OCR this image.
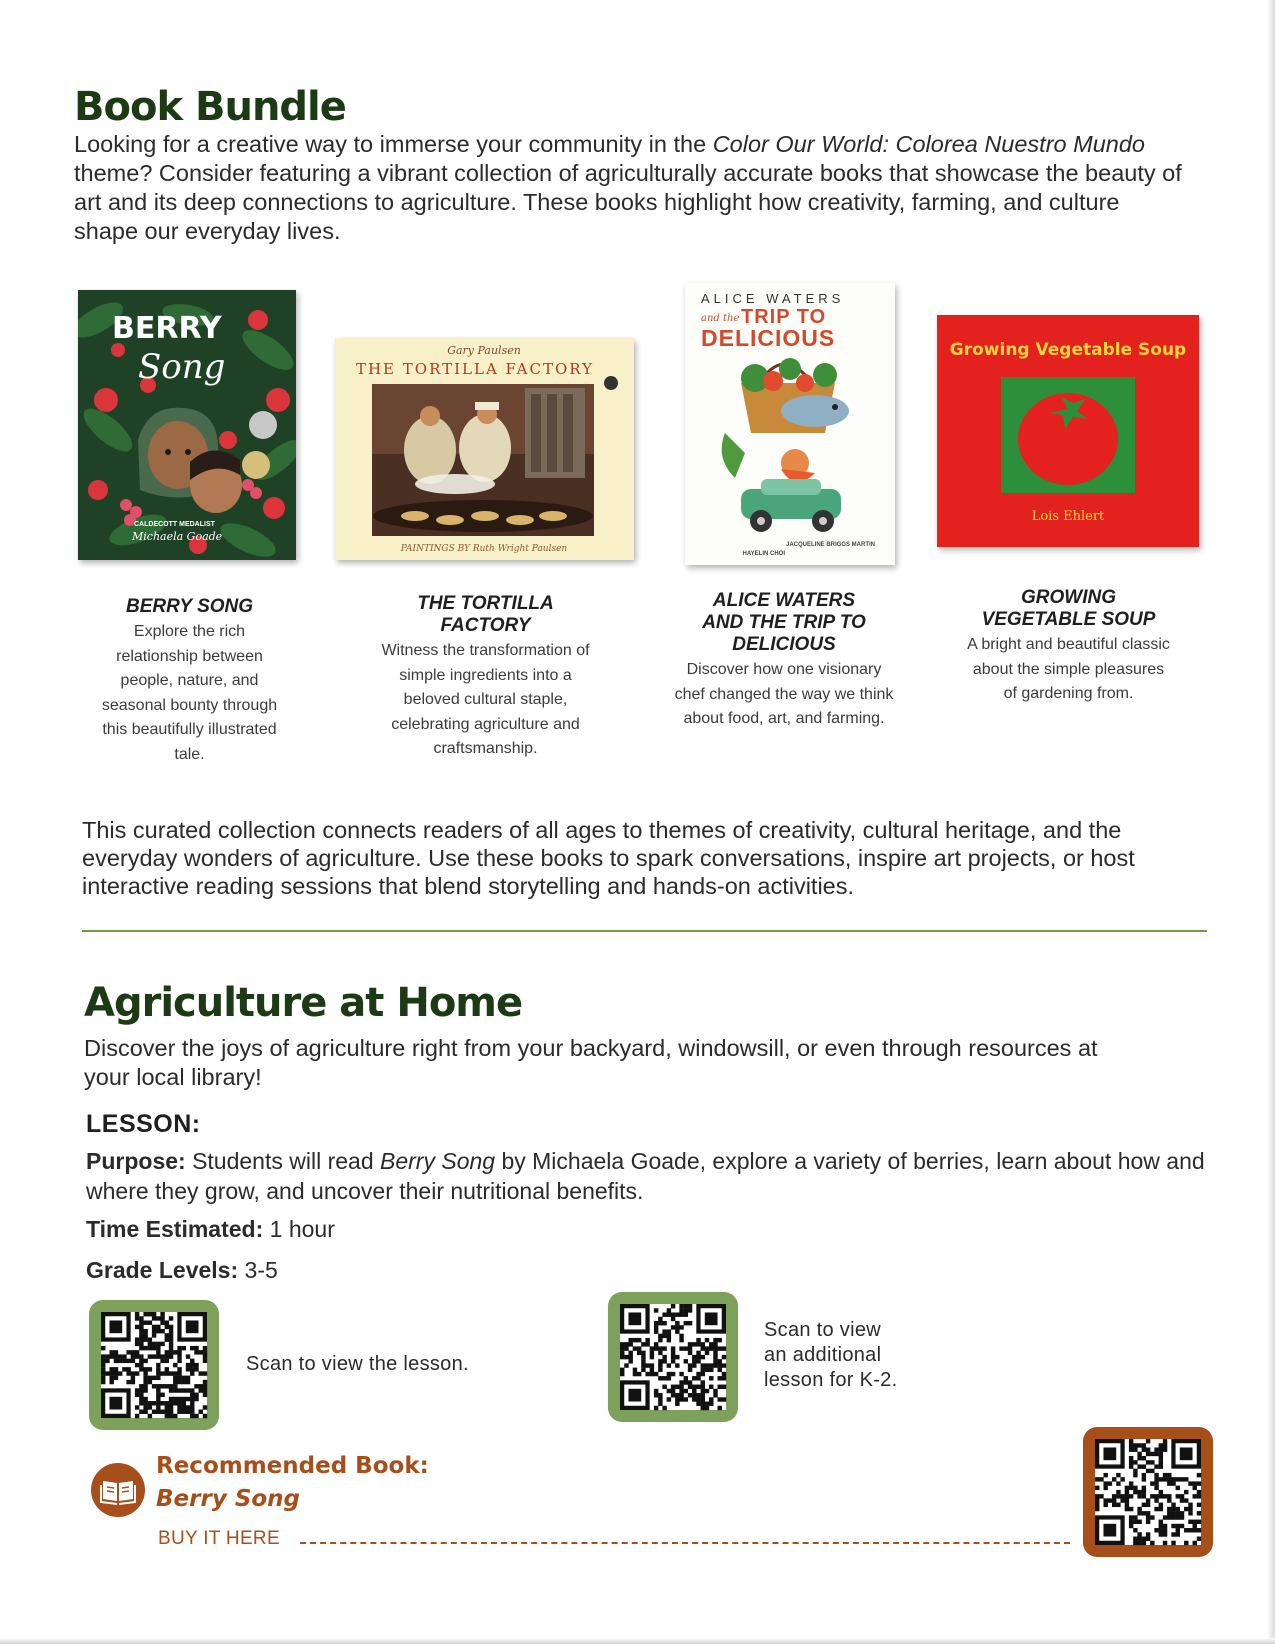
Book Bundle

Looking for a creative way to immerse your community in the Color Our World: Colorea Nuestro Mundo theme? Consider featuring a vibrant collection of agriculturally accurate books that showcase the beauty of art and its deep connections to agriculture. These books highlight how creativity, farming, and culture shape our everyday lives.

BERRY
Song
CALDECOTT MEDALIST
Michaela Goade
Gary Paulsen
THE TORTILLA FACTORY
PAINTINGS BY Ruth Wright Paulsen
ALICE WATERS
and the TRIP TO
DELICIOUS
JACQUELINE BRIGGS MARTIN
HAYELIN CHOI
Growing Vegetable Soup
Lois Ehlert
BERRY SONG
Explore the rich relationship between people, nature, and seasonal bounty through this beautifully illustrated tale.
THE TORTILLA FACTORY
Witness the transformation of simple ingredients into a beloved cultural staple, celebrating agriculture and craftsmanship.
ALICE WATERS AND THE TRIP TO DELICIOUS
Discover how one visionary chef changed the way we think about food, art, and farming.
GROWING VEGETABLE SOUP
A bright and beautiful classic about the simple pleasures of gardening from.

This curated collection connects readers of all ages to themes of creativity, cultural heritage, and the everyday wonders of agriculture. Use these books to spark conversations, inspire art projects, or host interactive reading sessions that blend storytelling and hands-on activities.

Agriculture at Home

Discover the joys of agriculture right from your backyard, windowsill, or even through resources at your local library!

LESSON:

Purpose: Students will read Berry Song by Michaela Goade, explore a variety of berries, learn about how and where they grow, and uncover their nutritional benefits.

Time Estimated: 1 hour

Grade Levels: 3-5

Scan to view the lesson.
Scan to view
an additional
lesson for K-2.
Recommended Book:
Berry Song
BUY IT HERE
